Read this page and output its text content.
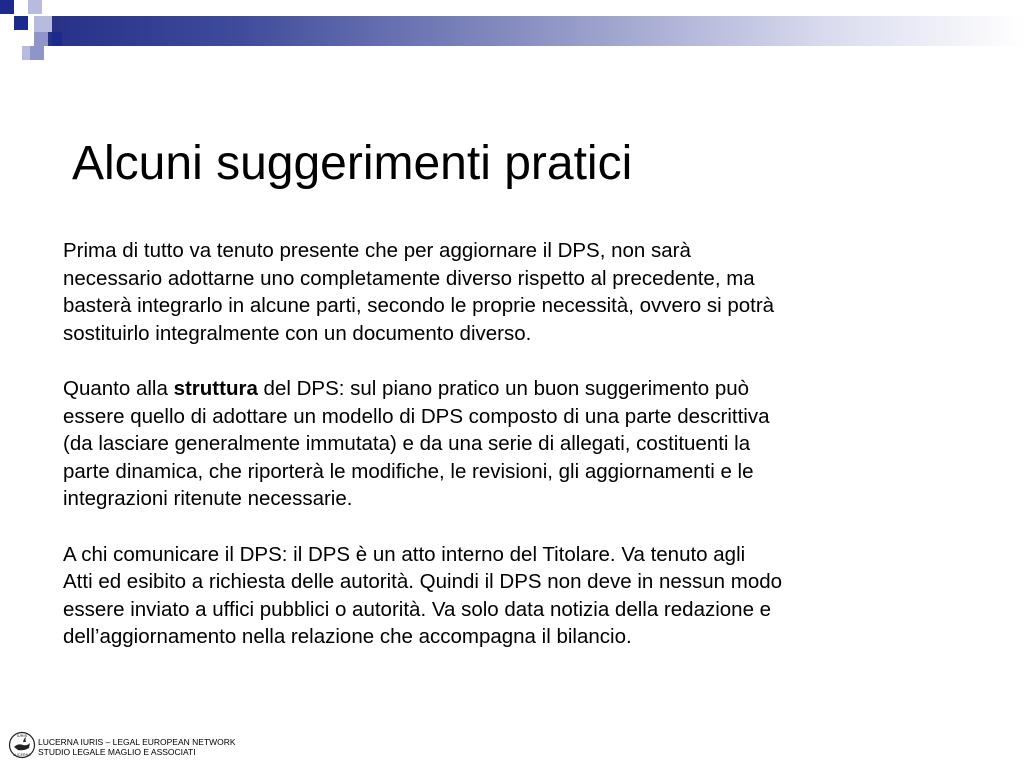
Alcuni suggerimenti pratici
Prima di tutto va tenuto presente che per aggiornare il DPS, non sarà
necessario adottarne uno completamente diverso rispetto al precedente, ma
basterà integrarlo in alcune parti, secondo le proprie necessità, ovvero si potrà
sostituirlo integralmente con un documento diverso.
Quanto alla struttura del DPS: sul piano pratico un buon suggerimento può
essere quello di adottare un modello di DPS composto di una parte descrittiva
(da lasciare generalmente immutata) e da una serie di allegati, costituenti la
parte dinamica, che riporterà le modifiche, le revisioni, gli aggiornamenti e le
integrazioni ritenute necessarie.
A chi comunicare il DPS: il DPS è un atto interno del Titolare. Va tenuto agli
Atti ed esibito a richiesta delle autorità. Quindi il DPS non deve in nessun modo
essere inviato a uffici pubblici o autorità. Va solo data notizia della redazione e
dell’aggiornamento nella relazione che accompagna il bilancio.
IURIS
LUCERNA
LUCERNA IURIS – LEGAL EUROPEAN NETWORK
STUDIO LEGALE MAGLIO E ASSOCIATI
